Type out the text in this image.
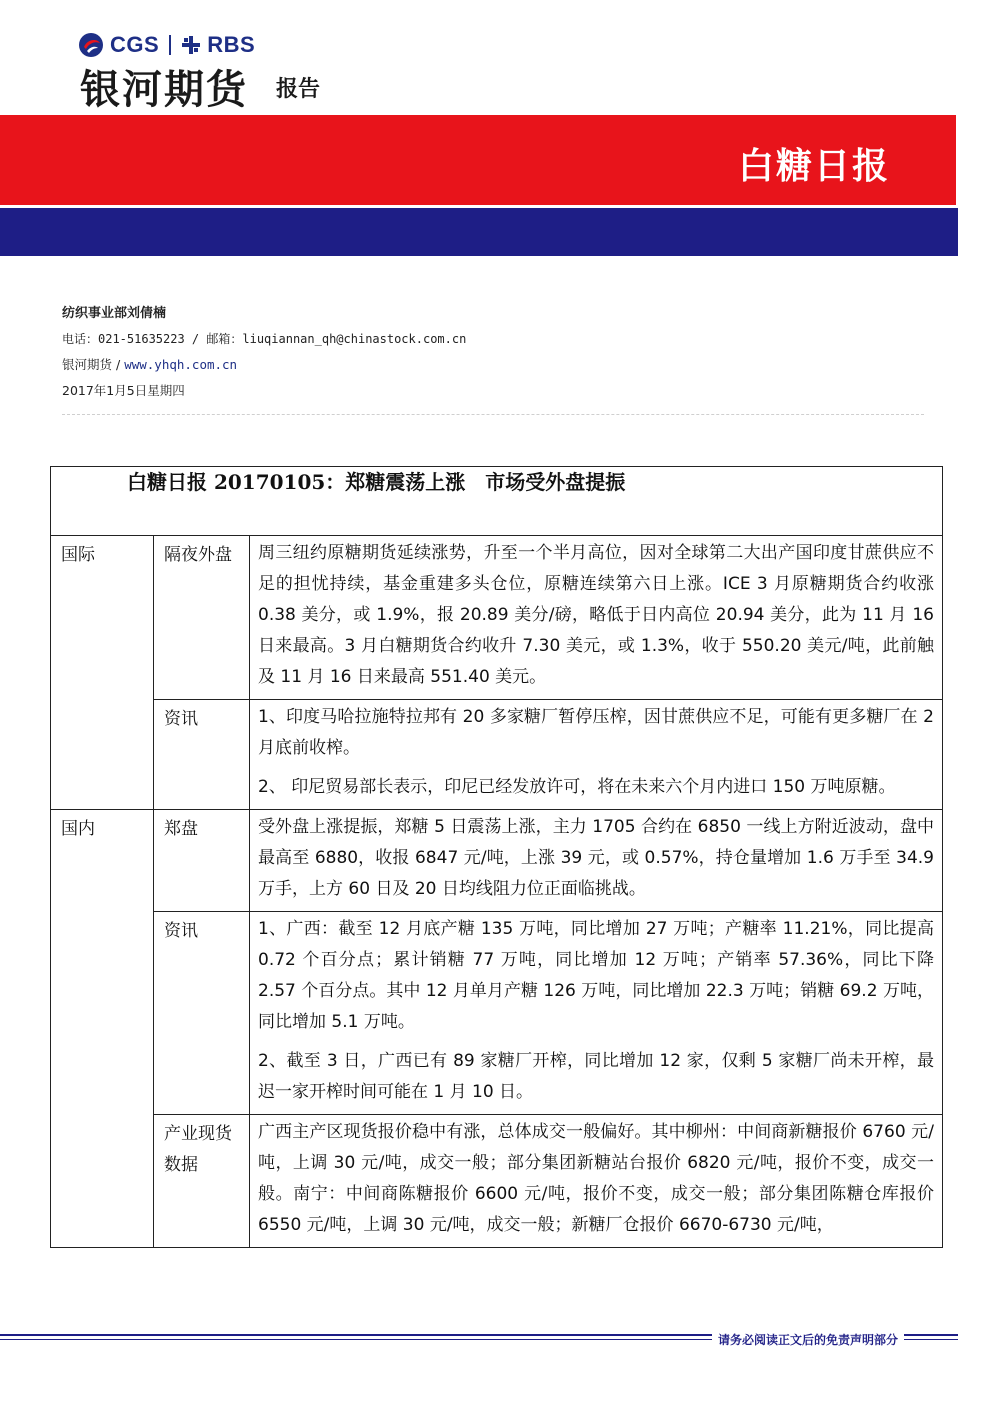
CGS RBS
银河期货 报告
白糖日报
纺织事业部刘倩楠
电话：021-51635223 / 邮箱：liuqiannan_qh@chinastock.com.cn
银河期货 / www.yhqh.com.cn
2017年1月5日星期四
白糖日报 20170105：郑糖震荡上涨　市场受外盘提振		

国际	隔夜外盘	周三纽约原糖期货延续涨势，升至一个半月高位，因对全球第二大出产国印度甘蔗供应不足的担忧持续，基金重建多头仓位，原糖连续第六日上涨。ICE 3 月原糖期货合约收涨 0.38 美分，或 1.9%，报 20.89 美分/磅，略低于日内高位 20.94 美分，此为 11 月 16 日来最高。3 月白糖期货合约收升 7.30 美元，或 1.3%，收于 550.20 美元/吨，此前触及 11 月 16 日来最高 551.40 美元。

	资讯	1、印度马哈拉施特拉邦有 20 多家糖厂暂停压榨，因甘蔗供应不足，可能有更多糖厂在 2 月底前收榨。

2、 印尼贸易部长表示，印尼已经发放许可，将在未来六个月内进口 150 万吨原糖。

国内	郑盘	受外盘上涨提振，郑糖 5 日震荡上涨，主力 1705 合约在 6850 一线上方附近波动，盘中最高至 6880，收报 6847 元/吨，上涨 39 元，或 0.57%，持仓量增加 1.6 万手至 34.9 万手，上方 60 日及 20 日均线阻力位正面临挑战。

	资讯	1、广西：截至 12 月底产糖 135 万吨，同比增加 27 万吨；产糖率 11.21%，同比提高 0.72 个百分点；累计销糖 77 万吨，同比增加 12 万吨；产销率 57.36%，同比下降 2.57 个百分点。其中 12 月单月产糖 126 万吨，同比增加 22.3 万吨；销糖 69.2 万吨，同比增加 5.1 万吨。

2、截至 3 日，广西已有 89 家糖厂开榨，同比增加 12 家，仅剩 5 家糖厂尚未开榨，最迟一家开榨时间可能在 1 月 10 日。

	产业现货数据	广西主产区现货报价稳中有涨，总体成交一般偏好。其中柳州：中间商新糖报价 6760 元/吨，上调 30 元/吨，成交一般；部分集团新糖站台报价 6820 元/吨，报价不变，成交一般。南宁：中间商陈糖报价 6600 元/吨，报价不变，成交一般；部分集团陈糖仓库报价 6550 元/吨，上调 30 元/吨，成交一般；新糖厂仓报价 6670-6730 元/吨，

请务必阅读正文后的免责声明部分
